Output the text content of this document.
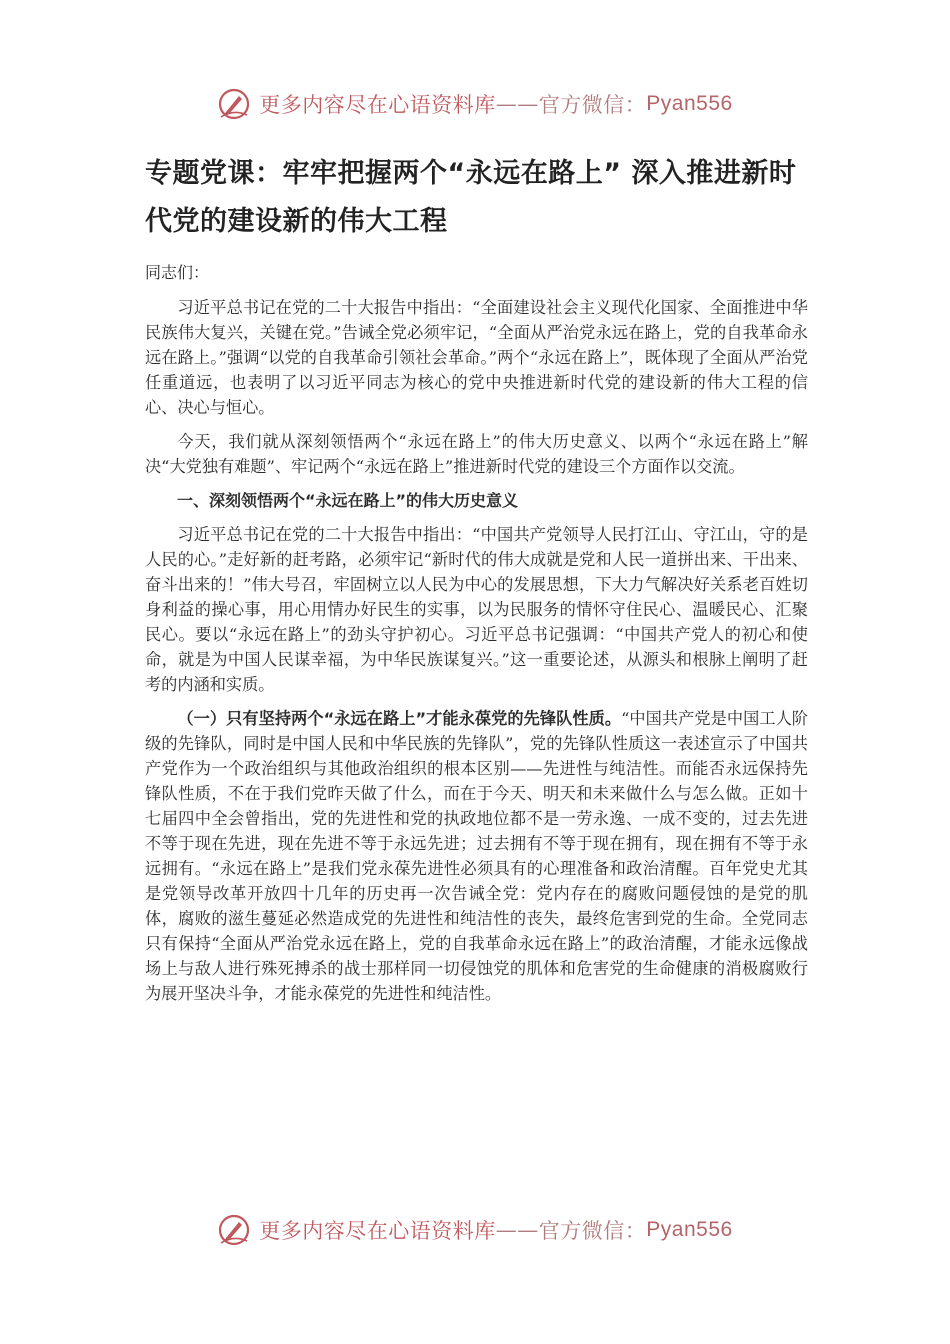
更多内容尽在心语资料库 —— 官方微信： Pyan556
专题党课：牢牢把握两个“永远在路上” 深入推进新时代党的建设新的伟大工程
同志们：

习近平总书记在党的二十大报告中指出：“全面建设社会主义现代化国家、全面推进中华民族伟大复兴，关键在党。”告诫全党必须牢记，“全面从严治党永远在路上，党的自我革命永远在路上。”强调“以党的自我革命引领社会革命。”两个“永远在路上”，既体现了全面从严治党任重道远，也表明了以习近平同志为核心的党中央推进新时代党的建设新的伟大工程的信心、决心与恒心。

今天，我们就从深刻领悟两个“永远在路上”的伟大历史意义、以两个“永远在路上”解决“大党独有难题”、牢记两个“永远在路上”推进新时代党的建设三个方面作以交流。

一、深刻领悟两个“永远在路上”的伟大历史意义

习近平总书记在党的二十大报告中指出：“中国共产党领导人民打江山、守江山，守的是人民的心。”走好新的赶考路，必须牢记“新时代的伟大成就是党和人民一道拼出来、干出来、奋斗出来的！”伟大号召，牢固树立以人民为中心的发展思想，下大力气解决好关系老百姓切身利益的操心事，用心用情办好民生的实事，以为民服务的情怀守住民心、温暖民心、汇聚民心。要以“永远在路上”的劲头守护初心。习近平总书记强调：“中国共产党人的初心和使命，就是为中国人民谋幸福，为中华民族谋复兴。”这一重要论述，从源头和根脉上阐明了赶考的内涵和实质。

（一）只有坚持两个“永远在路上”才能永葆党的先锋队性质。“中国共产党是中国工人阶级的先锋队，同时是中国人民和中华民族的先锋队”，党的先锋队性质这一表述宣示了中国共产党作为一个政治组织与其他政治组织的根本区别——先进性与纯洁性。而能否永远保持先锋队性质，不在于我们党昨天做了什么，而在于今天、明天和未来做什么与怎么做。正如十七届四中全会曾指出，党的先进性和党的执政地位都不是一劳永逸、一成不变的，过去先进不等于现在先进，现在先进不等于永远先进；过去拥有不等于现在拥有，现在拥有不等于永远拥有。“永远在路上”是我们党永葆先进性必须具有的心理准备和政治清醒。百年党史尤其是党领导改革开放四十几年的历史再一次告诫全党：党内存在的腐败问题侵蚀的是党的肌体，腐败的滋生蔓延必然造成党的先进性和纯洁性的丧失，最终危害到党的生命。全党同志只有保持“全面从严治党永远在路上，党的自我革命永远在路上”的政治清醒，才能永远像战场上与敌人进行殊死搏杀的战士那样同一切侵蚀党的肌体和危害党的生命健康的消极腐败行为展开坚决斗争，才能永葆党的先进性和纯洁性。

更多内容尽在心语资料库 —— 官方微信： Pyan556
